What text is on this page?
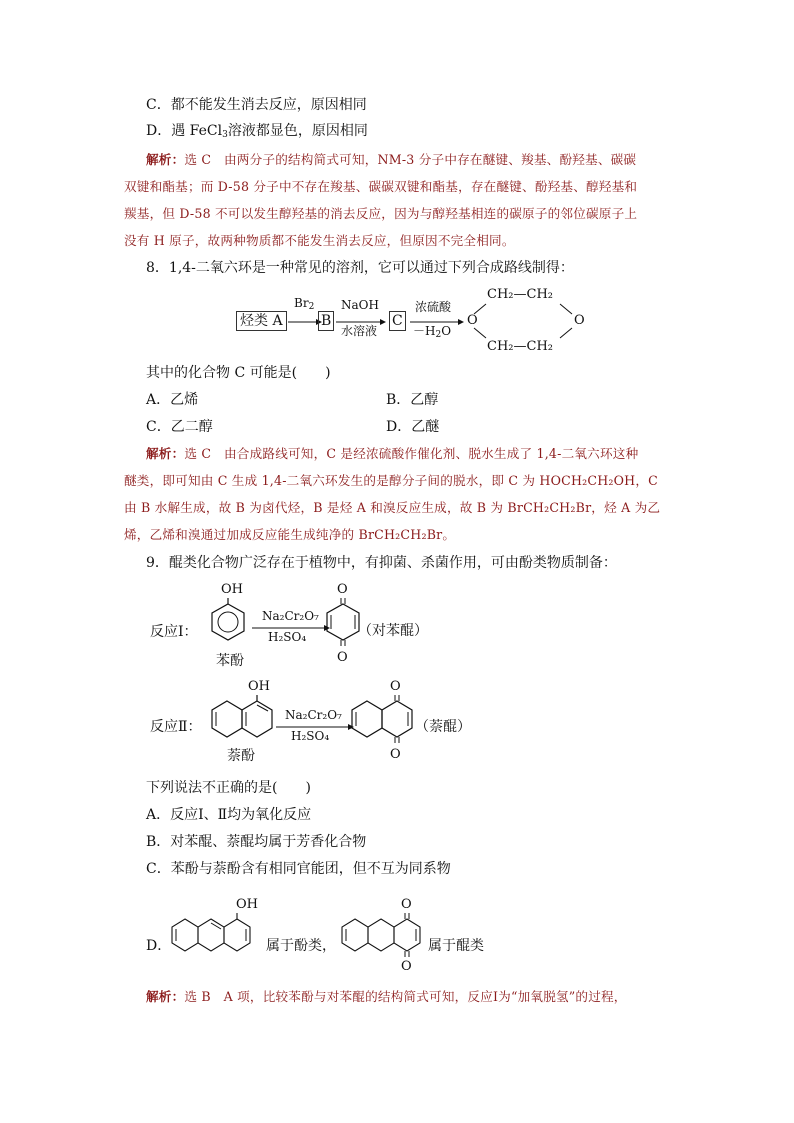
C．都不能发生消去反应，原因相同
D．遇 FeCl$_3$溶液都显色，原因相同
解析：选 C　由两分子的结构简式可知，NM-3 分子中存在醚键、羧基、酚羟基、碳碳
双键和酯基；而 D-58 分子中不存在羧基、碳碳双键和酯基，存在醚键、酚羟基、醇羟基和
羰基，但 D-58 不可以发生醇羟基的消去反应，因为与醇羟基相连的碳原子的邻位碳原子上
没有 H 原子，故两种物质都不能发生消去反应，但原因不完全相同。
8．1,4-二氧六环是一种常见的溶剂，它可以通过下列合成路线制得：
烃类 A
$Br_2$
B
NaOH
水溶液
C
浓硫酸
$-H_2O$
CH₂—CH₂
CH₂—CH₂
O	O
其中的化合物 C 可能是(　　)
A．乙烯	B．乙醇
C．乙二醇	D．乙醚
解析：选 C　由合成路线可知，C 是经浓硫酸作催化剂、脱水生成了 1,4-二氧六环这种
醚类，即可知由 C 生成 1,4-二氧六环发生的是醇分子间的脱水，即 C 为 HOCH₂CH₂OH，C
由 B 水解生成，故 B 为卤代烃，B 是烃 A 和溴反应生成，故 B 为 BrCH₂CH₂Br，烃 A 为乙
烯，乙烯和溴通过加成反应能生成纯净的 BrCH₂CH₂Br。
9．醌类化合物广泛存在于植物中，有抑菌、杀菌作用，可由酚类物质制备：
反应Ⅰ：
OH
苯酚
Na₂Cr₂O₇
H₂SO₄
O
O
（对苯醌）
反应Ⅱ：
OH
萘酚
Na₂Cr₂O₇
H₂SO₄
O
O
（萘醌）
下列说法不正确的是(　　)
A．反应Ⅰ、Ⅱ均为氧化反应
B．对苯醌、萘醌均属于芳香化合物
C．苯酚与萘酚含有相同官能团，但不互为同系物
D．
OH
属于酚类，
O
O
属于醌类
解析：选 B　A 项，比较苯酚与对苯醌的结构简式可知，反应Ⅰ为“加氧脱氢”的过程，
